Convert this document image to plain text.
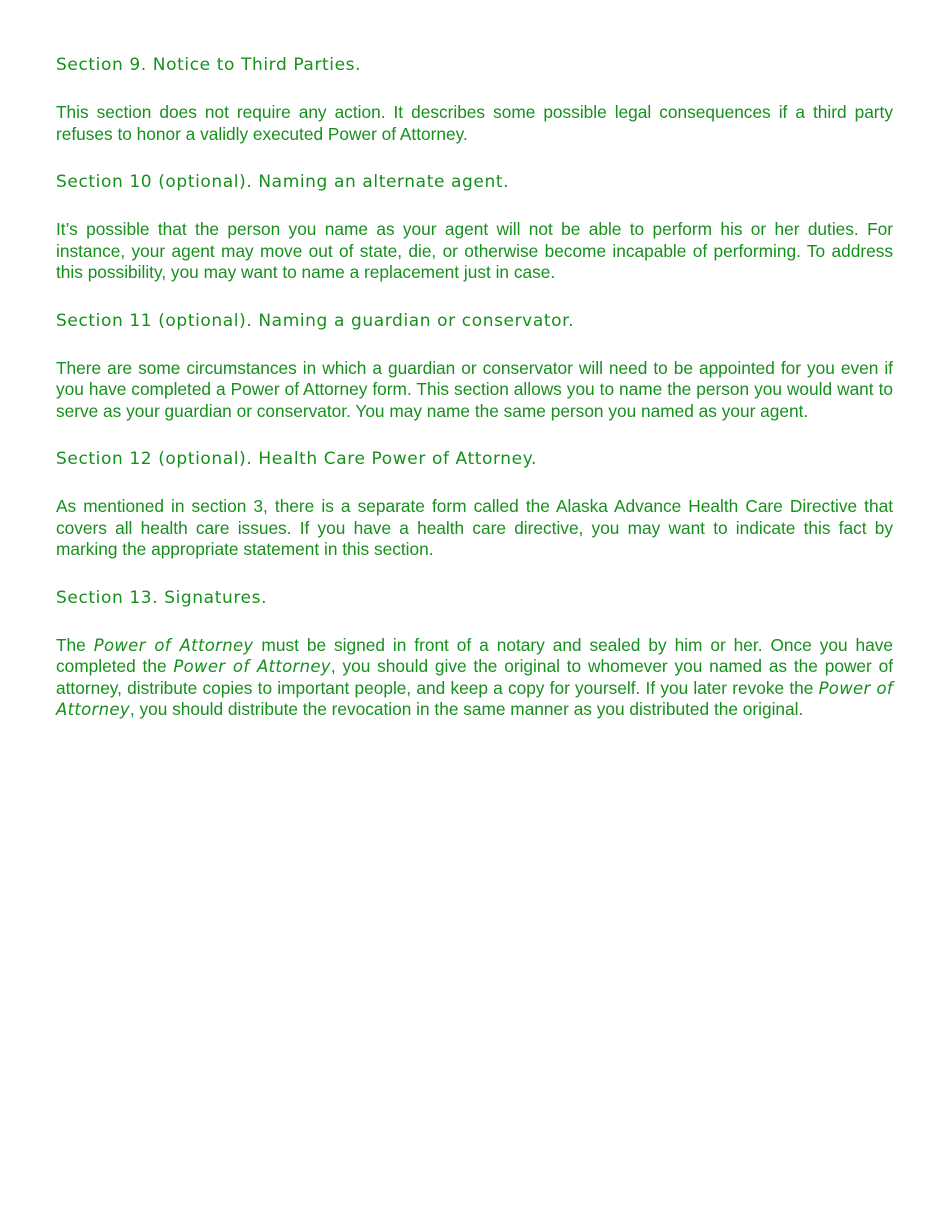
Section 9. Notice to Third Parties.
This section does not require any action. It describes some possible legal consequences if a third party refuses to honor a validly executed Power of Attorney.
Section 10 (optional). Naming an alternate agent.
It’s possible that the person you name as your agent will not be able to perform his or her duties. For instance, your agent may move out of state, die, or otherwise become incapable of performing. To address this possibility, you may want to name a replacement just in case.
Section 11 (optional). Naming a guardian or conservator.
There are some circumstances in which a guardian or conservator will need to be appointed for you even if you have completed a Power of Attorney form. This section allows you to name the person you would want to serve as your guardian or conservator. You may name the same person you named as your agent.
Section 12 (optional). Health Care Power of Attorney.
As mentioned in section 3, there is a separate form called the Alaska Advance Health Care Directive that covers all health care issues. If you have a health care directive, you may want to indicate this fact by marking the appropriate statement in this section.
Section 13. Signatures.
The Power of Attorney must be signed in front of a notary and sealed by him or her. Once you have completed the Power of Attorney, you should give the original to whomever you named as the power of attorney, distribute copies to important people, and keep a copy for yourself. If you later revoke the Power of Attorney, you should distribute the revocation in the same manner as you distributed the original.
